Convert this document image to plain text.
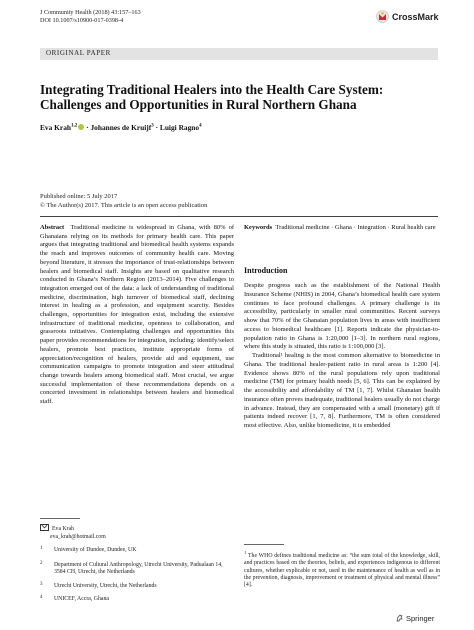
J Community Health (2018) 43:157–163
DOI 10.1007/s10900-017-0398-4	CrossMark
ORIGINAL PAPER
Integrating Traditional Healers into the Health Care System: Challenges and Opportunities in Rural Northern Ghana
Eva Krah$^{1,2}$ · Johannes de Kruijf$^3$ · Luigi Ragno$^4$
Published online: 5 July 2017
© The Author(s) 2017. This article is an open access publication
Abstract Traditional medicine is widespread in Ghana, with 80% of Ghanaians relying on its methods for primary health care. This paper argues that integrating traditional and biomedical health systems expands the reach and improves outcomes of community health care. Moving beyond literature, it stresses the importance of trust-relationships between healers and biomedical staff. Insights are based on qualitative research conducted in Ghana’s Northern Region (2013–2014). Five challenges to integration emerged out of the data: a lack of understanding of traditional medicine, discrimination, high turnover of biomedical staff, declining interest in healing as a profession, and equipment scarcity. Besides challenges, opportunities for integration exist, including the extensive infrastructure of traditional medicine, openness to collaboration, and grassroots initiatives. Contemplating challenges and opportunities this paper provides recommendations for integration, including: identify/select healers, promote best practices, institute appropriate forms of appreciation/recognition of healers, provide aid and equipment, use communication campaigns to promote integration and steer attitudinal change towards healers among biomedical staff. Most crucial, we argue successful implementation of these recommendations depends on a concerted investment in relationships between healers and biomedical staff.
Keywords Traditional medicine · Ghana · Integration · Rural health care
Introduction

Despite progress such as the establishment of the National Health Insurance Scheme (NHIS) in 2004, Ghana’s biomedical health care system continues to face profound challenges. A primary challenge is its accessibility, particularly in smaller rural communities. Recent surveys show that 70% of the Ghanaian population lives in areas with insufficient access to biomedical healthcare [1]. Reports indicate the physician-to-population ratio in Ghana is 1:20,000 [1–3]. In northern rural regions, where this study is situated, this ratio is 1:100,000 [3].

Traditional¹ healing is the most common alternative to biomedicine in Ghana. The traditional healer-patient ratio in rural areas is 1:200 [4]. Evidence shows 80% of the rural populations rely upon traditional medicine (TM) for primary health needs [5, 6]. This can be explained by the accessibility and affordability of TM [1, 7]. Whilst Ghanaian health insurance often proves inadequate, traditional healers usually do not charge in advance. Instead, they are compensated with a small (monetary) gift if patients indeed recover [1, 7, 8]. Furthermore, TM is often considered most effective. Also, unlike biomedicine, it is embedded

Eva Krah
eva_krah@hotmail.com
1	University of Dundee, Dundee, UK
2	Department of Cultural Anthropology, Utrecht University, Padualaan 14, 3584 CH, Utrecht, the Netherlands
3	Utrecht University, Utrecht, the Netherlands
4	UNICEF, Accra, Ghana
$^1$ The WHO defines traditional medicine as: “the sum total of the knowledge, skill, and practices based on the theories, beliefs, and experiences indigenous to different cultures, whether explicable or not, used in the maintenance of health as well as in the prevention, diagnosis, improvement or treatment of physical and mental illness” [4].
Springer
